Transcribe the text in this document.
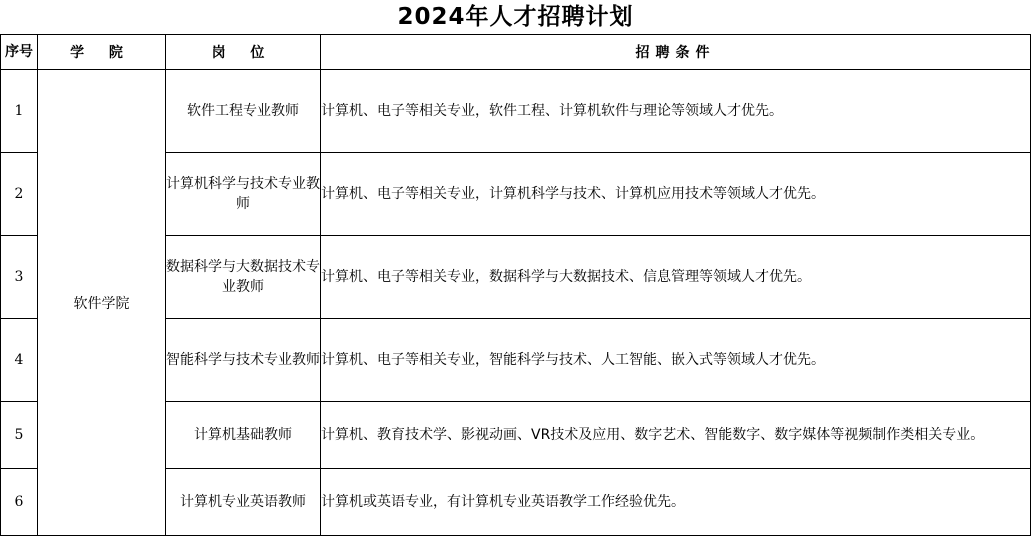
2024年人才招聘计划
序号	学 院	岗 位	招聘条件
1	软件学院	软件工程专业教师	计算机、电子等相关专业，软件工程、计算机软件与理论等领域人才优先。
2		计算机科学与技术专业教师	计算机、电子等相关专业，计算机科学与技术、计算机应用技术等领域人才优先。
3		数据科学与大数据技术专业教师	计算机、电子等相关专业，数据科学与大数据技术、信息管理等领域人才优先。
4		智能科学与技术专业教师	计算机、电子等相关专业，智能科学与技术、人工智能、嵌入式等领域人才优先。
5		计算机基础教师	计算机、教育技术学、影视动画、VR技术及应用、数字艺术、智能数字、数字媒体等视频制作类相关专业。
6		计算机专业英语教师	计算机或英语专业，有计算机专业英语教学工作经验优先。
